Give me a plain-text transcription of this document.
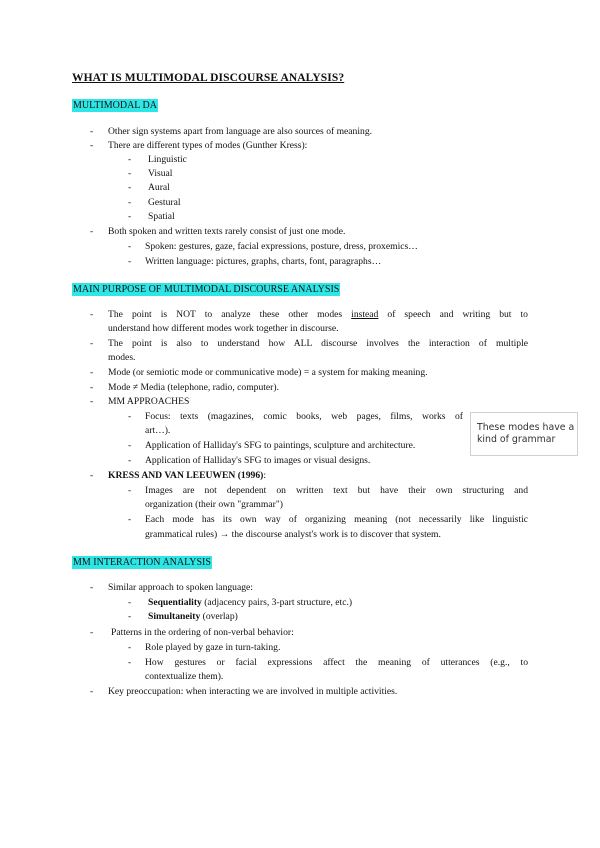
WHAT IS MULTIMODAL DISCOURSE ANALYSIS?
MULTIMODAL DA
- Other sign systems apart from language are also sources of meaning.
- There are different types of modes (Gunther Kress):
- Linguistic
- Visual
- Aural
- Gestural
- Spatial
- Both spoken and written texts rarely consist of just one mode.
- Spoken: gestures, gaze, facial expressions, posture, dress, proxemics…
- Written language: pictures, graphs, charts, font, paragraphs…
MAIN PURPOSE OF MULTIMODAL DISCOURSE ANALYSIS
- The point is NOT to analyze these other modes instead of speech and writing but to
understand how different modes work together in discourse.
- The point is also to understand how ALL discourse involves the interaction of multiple
modes.
- Mode (or semiotic mode or communicative mode) = a system for making meaning.
- Mode ≠ Media (telephone, radio, computer).
- MM APPROACHES
- Focus: texts (magazines, comic books, web pages, films, works of
art…).
- Application of Halliday's SFG to paintings, sculpture and architecture.
- Application of Halliday's SFG to images or visual designs.
These modes have a kind of grammar
- KRESS AND VAN LEEUWEN (1996):
- Images are not dependent on written text but have their own structuring and
organization (their own "grammar")
- Each mode has its own way of organizing meaning (not necessarily like linguistic
grammatical rules) → the discourse analyst's work is to discover that system.
MM INTERACTION ANALYSIS
- Similar approach to spoken language:
- Sequentiality (adjacency pairs, 3-part structure, etc.)
- Simultaneity (overlap)
- Patterns in the ordering of non-verbal behavior:
- Role played by gaze in turn-taking.
- How gestures or facial expressions affect the meaning of utterances (e.g., to
contextualize them).
- Key preoccupation: when interacting we are involved in multiple activities.
